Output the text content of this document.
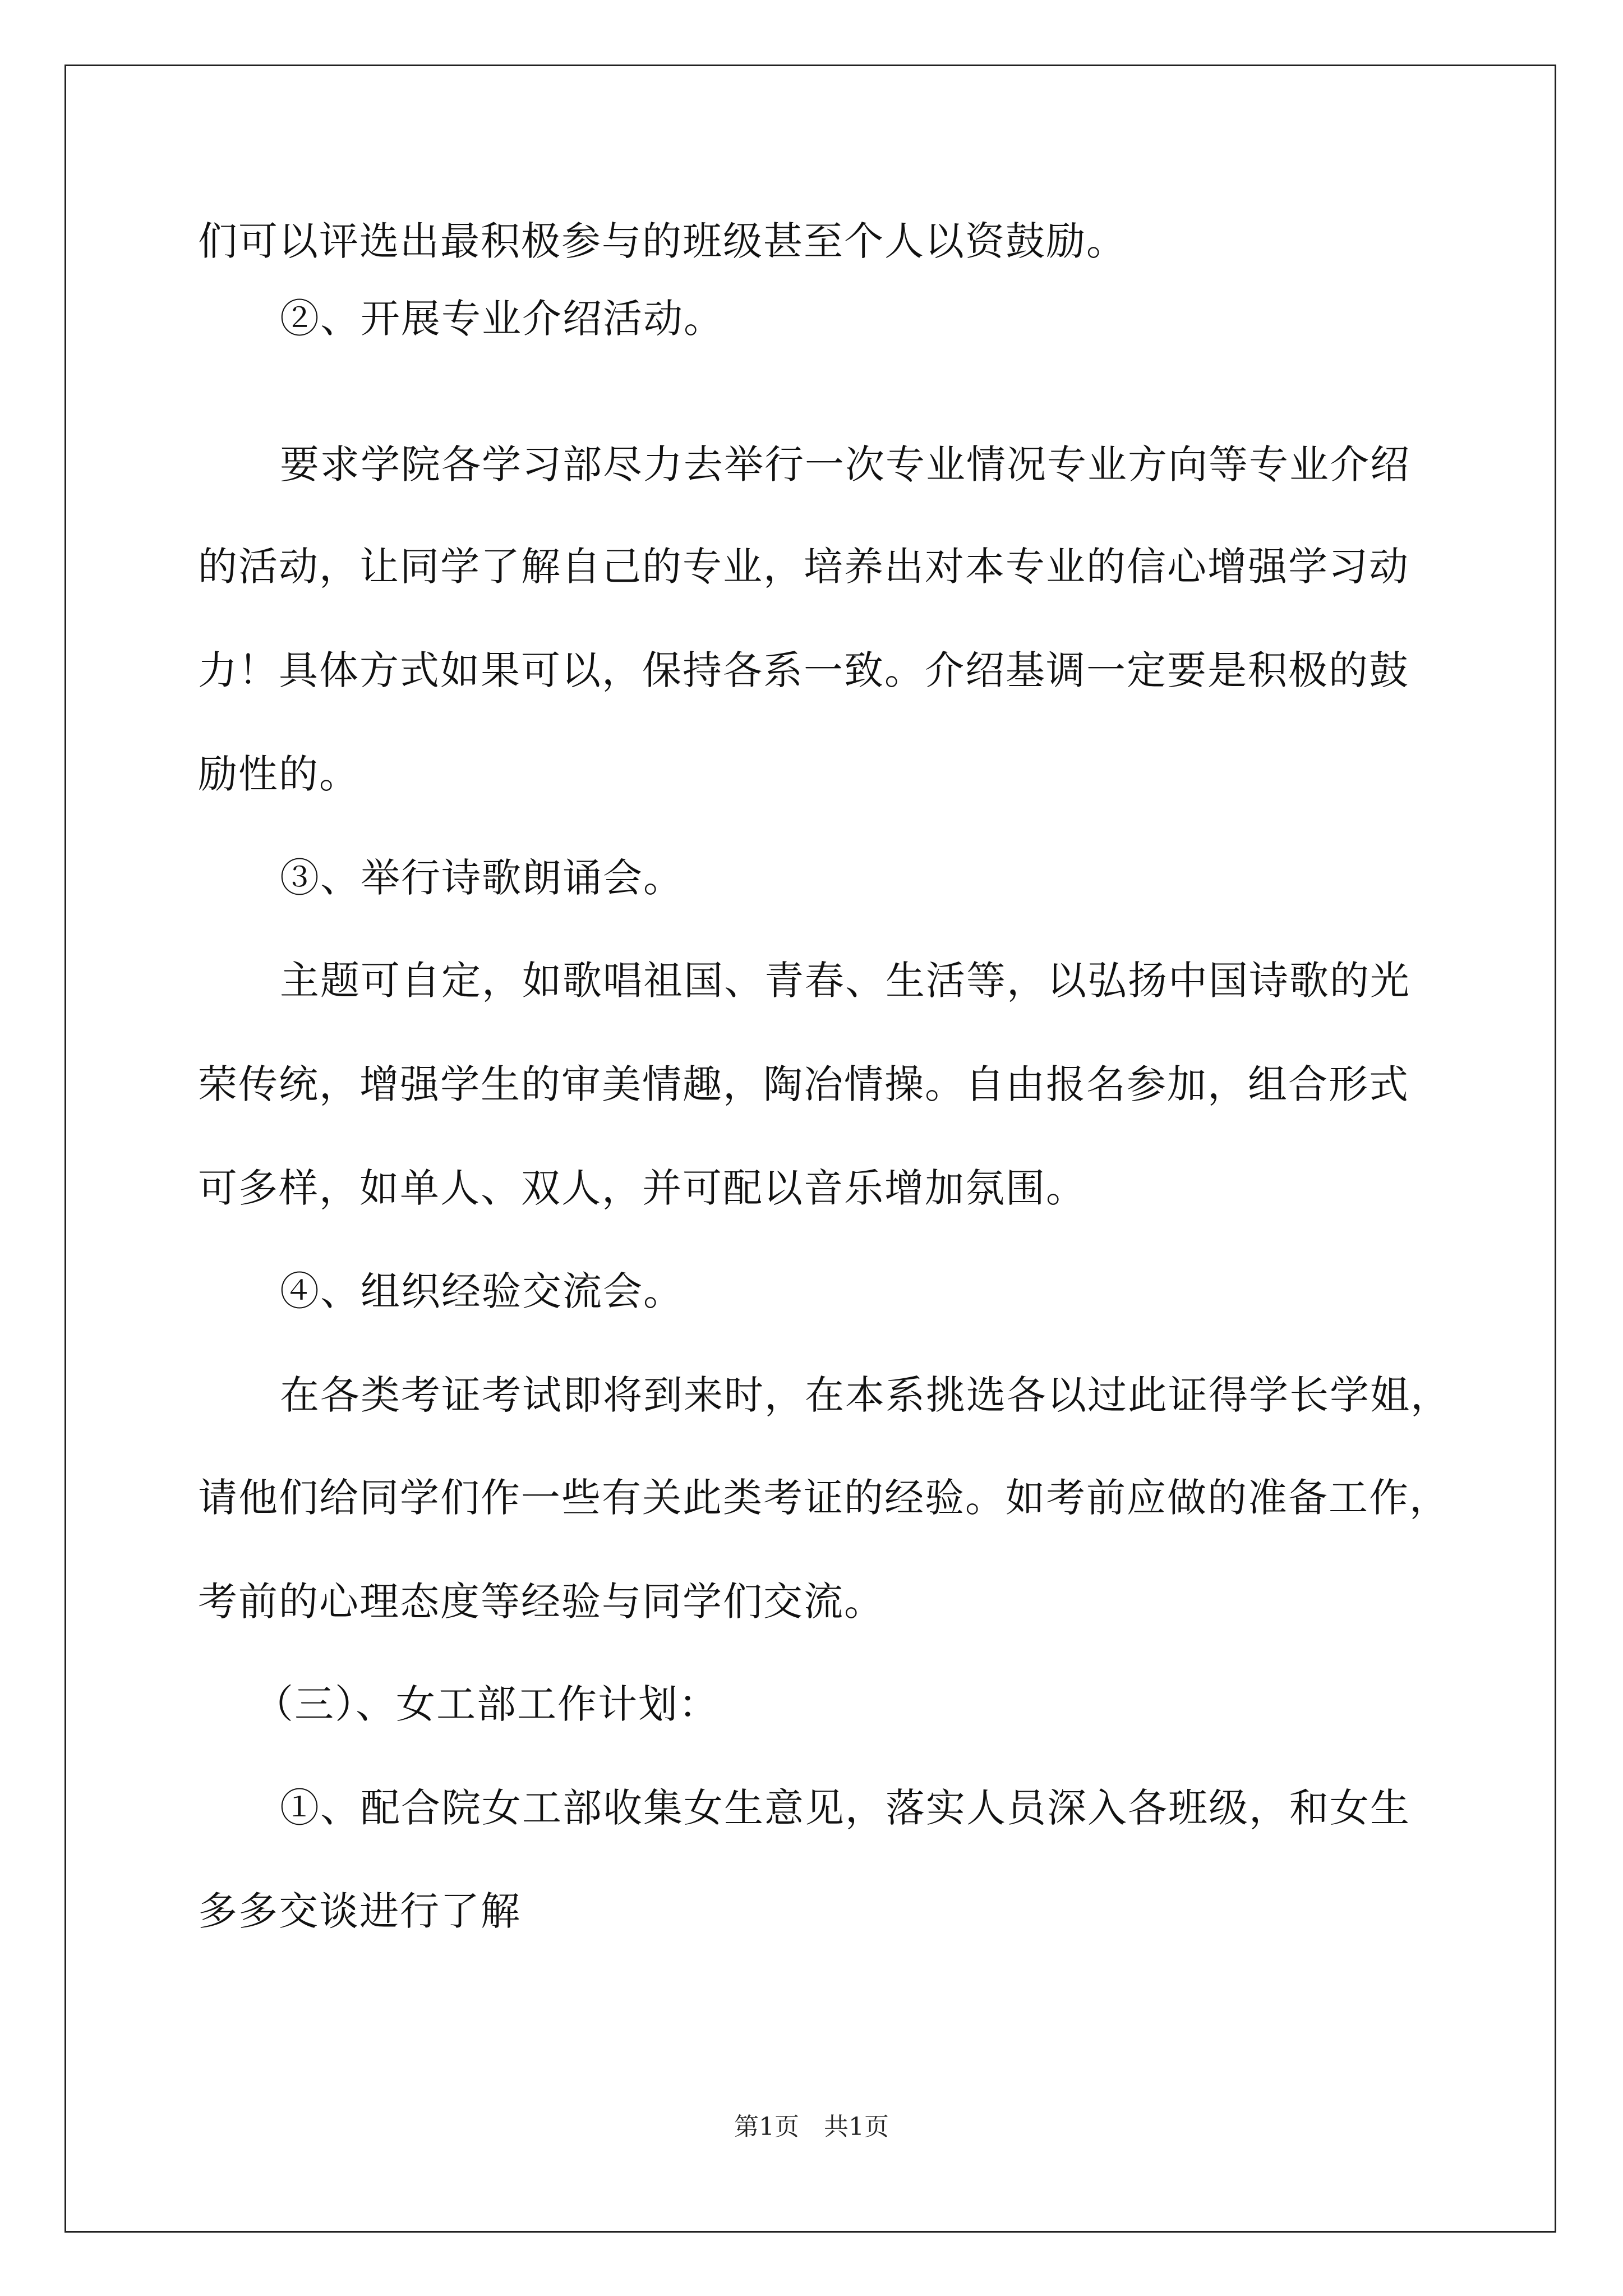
们可以评选出最积极参与的班级甚至个人以资鼓励。
②、开展专业介绍活动。
要求学院各学习部尽力去举行一次专业情况专业方向等专业介绍
的活动，让同学了解自己的专业，培养出对本专业的信心增强学习动
力！具体方式如果可以，保持各系一致。介绍基调一定要是积极的鼓
励性的。
③、举行诗歌朗诵会。
主题可自定，如歌唱祖国、青春、生活等，以弘扬中国诗歌的光
荣传统，增强学生的审美情趣，陶冶情操。自由报名参加，组合形式
可多样，如单人、双人，并可配以音乐增加氛围。
④、组织经验交流会。
在各类考证考试即将到来时，在本系挑选各以过此证得学长学姐，
请他们给同学们作一些有关此类考证的经验。如考前应做的准备工作，
考前的心理态度等经验与同学们交流。
（三）、女工部工作计划：
①、配合院女工部收集女生意见，落实人员深入各班级，和女生
多多交谈进行了解
第1页　共1页
